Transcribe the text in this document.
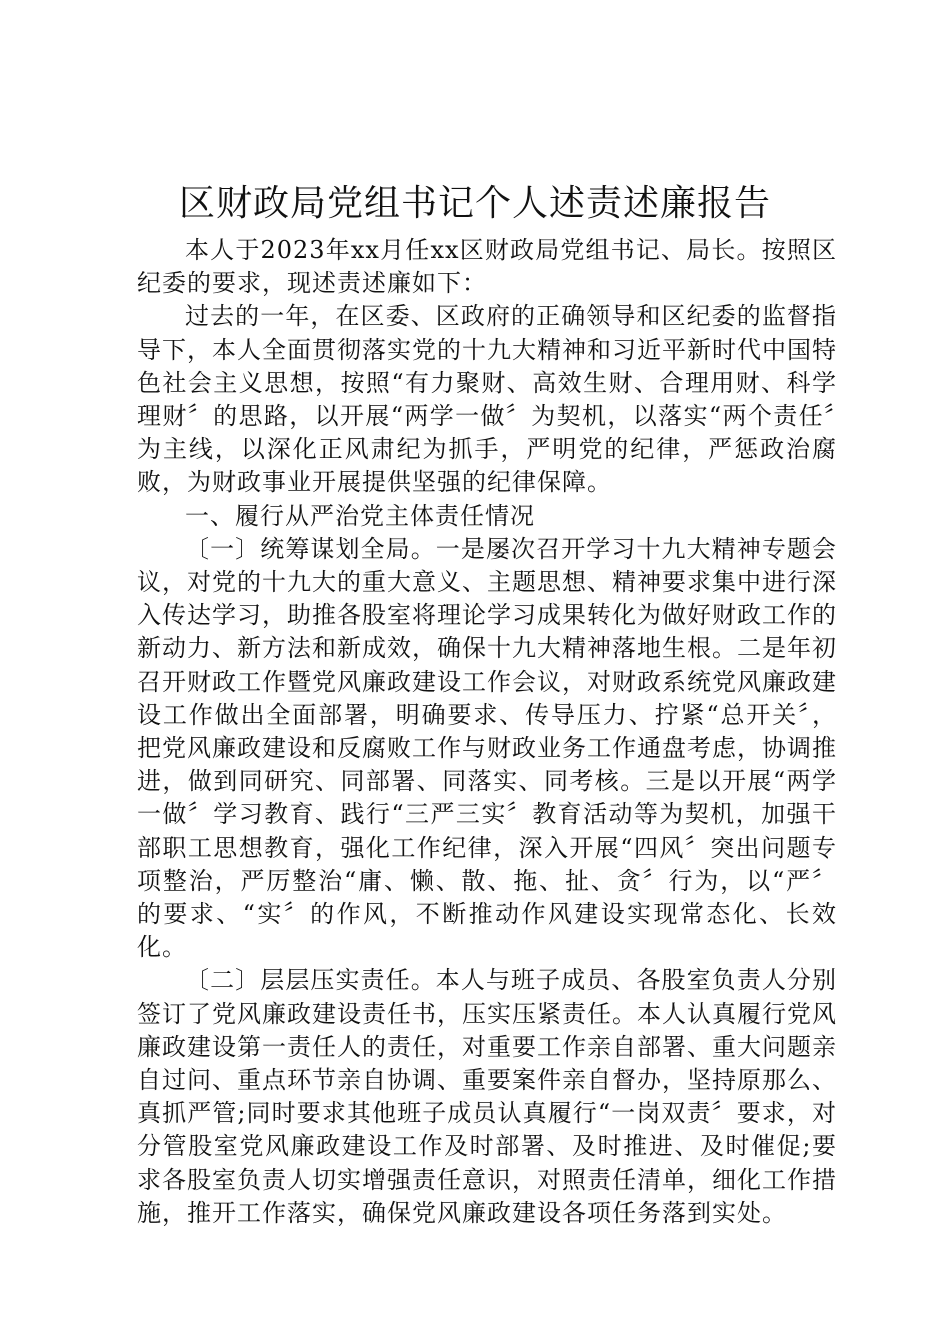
区财政局党组书记个人述责述廉报告

本人于2023年xx月任xx区财政局党组书记、局长。按照区纪委的要求，现述责述廉如下：

过去的一年，在区委、区政府的正确领导和区纪委的监督指导下，本人全面贯彻落实党的十九大精神和习近平新时代中国特色社会主义思想，按照“有力聚财、高效生财、合理用财、科学理财〞的思路，以开展“两学一做〞为契机，以落实“两个责任〞为主线，以深化正风肃纪为抓手，严明党的纪律，严惩政治腐败，为财政事业开展提供坚强的纪律保障。

一、履行从严治党主体责任情况

〔一〕统筹谋划全局。一是屡次召开学习十九大精神专题会议，对党的十九大的重大意义、主题思想、精神要求集中进行深入传达学习，助推各股室将理论学习成果转化为做好财政工作的新动力、新方法和新成效，确保十九大精神落地生根。二是年初召开财政工作暨党风廉政建设工作会议，对财政系统党风廉政建设工作做出全面部署，明确要求、传导压力、拧紧“总开关〞，把党风廉政建设和反腐败工作与财政业务工作通盘考虑，协调推进，做到同研究、同部署、同落实、同考核。三是以开展“两学一做〞学习教育、践行“三严三实〞教育活动等为契机，加强干部职工思想教育，强化工作纪律，深入开展“四风〞突出问题专项整治，严厉整治“庸、懒、散、拖、扯、贪〞行为，以“严〞的要求、“实〞的作风，不断推动作风建设实现常态化、长效化。

〔二〕层层压实责任。本人与班子成员、各股室负责人分别签订了党风廉政建设责任书，压实压紧责任。本人认真履行党风廉政建设第一责任人的责任，对重要工作亲自部署、重大问题亲自过问、重点环节亲自协调、重要案件亲自督办，坚持原那么、真抓严管;同时要求其他班子成员认真履行“一岗双责〞要求，对分管股室党风廉政建设工作及时部署、及时推进、及时催促;要求各股室负责人切实增强责任意识，对照责任清单，细化工作措施，推开工作落实，确保党风廉政建设各项任务落到实处。
